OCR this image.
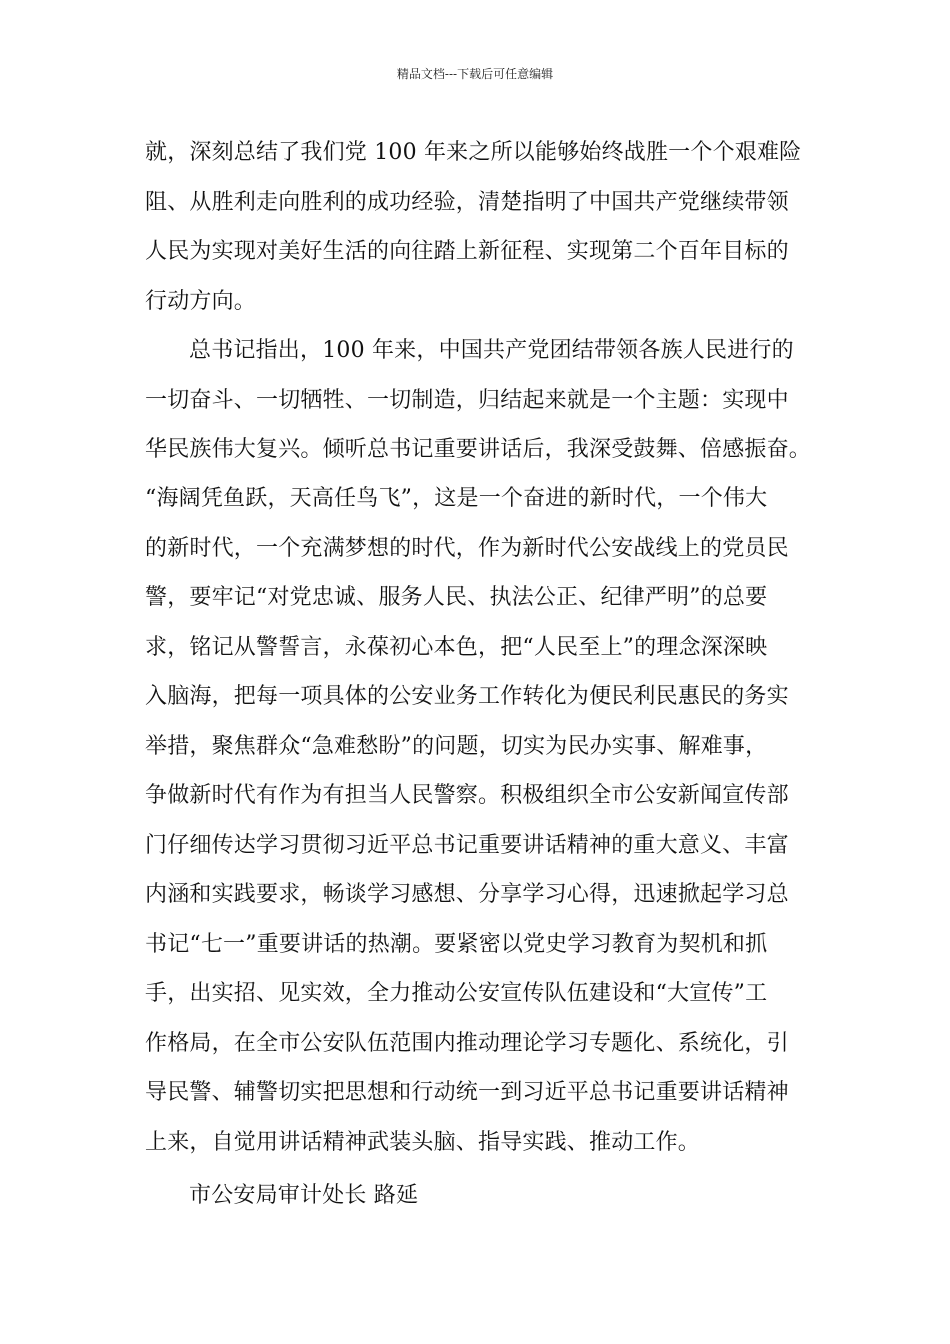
精品文档---下载后可任意编辑

就，深刻总结了我们党 100 年来之所以能够始终战胜一个个艰难险

阻、从胜利走向胜利的成功经验，清楚指明了中国共产党继续带领

人民为实现对美好生活的向往踏上新征程、实现第二个百年目标的

行动方向。

总书记指出，100 年来，中国共产党团结带领各族人民进行的

一切奋斗、一切牺牲、一切制造，归结起来就是一个主题：实现中

华民族伟大复兴。倾听总书记重要讲话后，我深受鼓舞、倍感振奋。

“海阔凭鱼跃，天高任鸟飞”，这是一个奋进的新时代，一个伟大

的新时代，一个充满梦想的时代，作为新时代公安战线上的党员民

警，要牢记“对党忠诚、服务人民、执法公正、纪律严明”的总要

求，铭记从警誓言，永葆初心本色，把“人民至上”的理念深深映

入脑海，把每一项具体的公安业务工作转化为便民利民惠民的务实

举措，聚焦群众“急难愁盼”的问题，切实为民办实事、解难事，

争做新时代有作为有担当人民警察。积极组织全市公安新闻宣传部

门仔细传达学习贯彻习近平总书记重要讲话精神的重大意义、丰富

内涵和实践要求，畅谈学习感想、分享学习心得，迅速掀起学习总

书记“七一”重要讲话的热潮。要紧密以党史学习教育为契机和抓

手，出实招、见实效，全力推动公安宣传队伍建设和“大宣传”工

作格局，在全市公安队伍范围内推动理论学习专题化、系统化，引

导民警、辅警切实把思想和行动统一到习近平总书记重要讲话精神

上来，自觉用讲话精神武装头脑、指导实践、推动工作。

市公安局审计处长 路延
